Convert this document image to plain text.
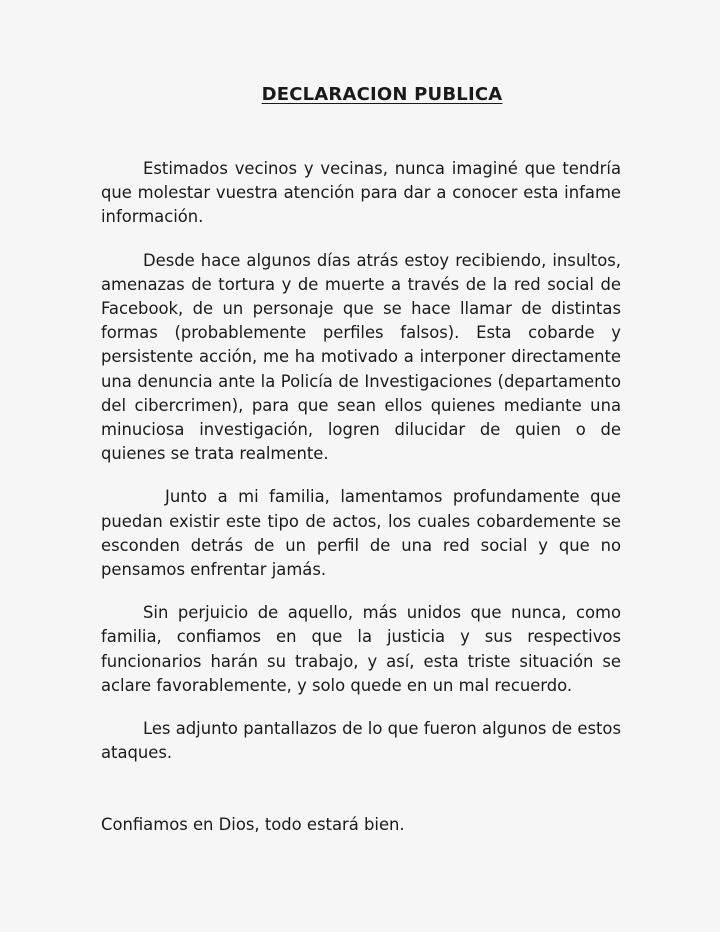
DECLARACION PUBLICA

Estimados vecinos y vecinas, nunca imaginé que tendría que molestar vuestra atención para dar a conocer esta infame información.

Desde hace algunos días atrás estoy recibiendo, insultos, amenazas de tortura y de muerte a través de la red social de Facebook, de un personaje que se hace llamar de distintas formas (probablemente perfiles falsos). Esta cobarde y persistente acción, me ha motivado a interponer directamente una denuncia ante la Policía de Investigaciones (departamento del cibercrimen), para que sean ellos quienes mediante una minuciosa investigación, logren dilucidar de quien o de quienes se trata realmente.

Junto a mi familia, lamentamos profundamente que puedan existir este tipo de actos, los cuales cobardemente se esconden detrás de un perfil de una red social y que no pensamos enfrentar jamás.

Sin perjuicio de aquello, más unidos que nunca, como familia, confiamos en que la justicia y sus respectivos funcionarios harán su trabajo, y así, esta triste situación se aclare favorablemente, y solo quede en un mal recuerdo.

Les adjunto pantallazos de lo que fueron algunos de estos ataques.

Confiamos en Dios, todo estará bien.
